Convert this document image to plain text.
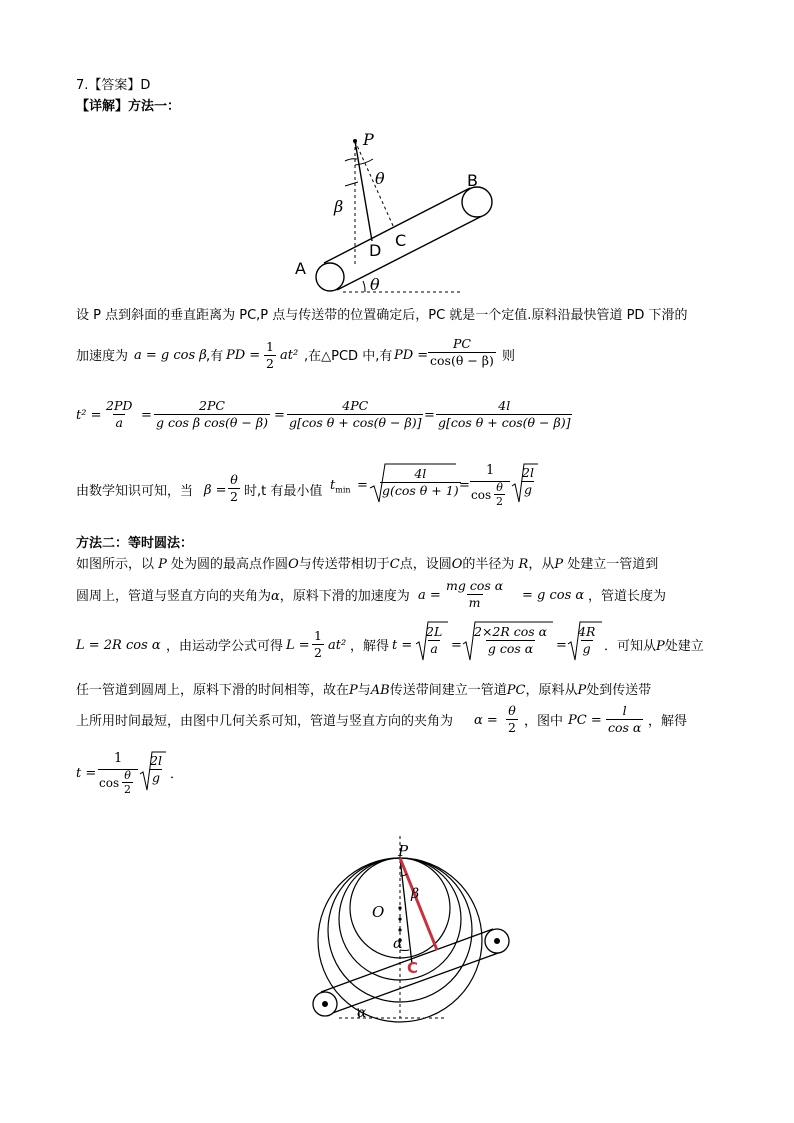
7.【答案】D
【详解】方法一：
P
B
A
C
D
θ
β
θ
设 P 点到斜面的垂直距离为 PC,P 点与传送带的位置确定后，PC 就是一个定值.原料沿最快管道 PD 下滑的
加速度为 a = g cos β ,有 PD = $\frac{1}{2} at^2$ ,在△PCD 中,有 PD = $\frac{PC}{\cos(\theta - \beta)}$ 则
$t^2 = \frac{2PD}{a} = \frac{2PC}{\text{g cos β cos(θ − β)}} = \frac{4PC}{\text{g[cos θ + cos(θ − β)]}} = \frac{4l}{\text{g[cos θ + cos(θ − β)]}}$
由数学知识可知，当 $\beta = \frac{\theta}{2}$ 时,t 有最小值 $t_{min} = \frac{4l}{\text{g(cos θ + 1)}}$
=
1
$\cos \frac{\theta}{2} \frac{2l}{g}$
方法二：等时圆法：
如图所示，以 P 处为圆的最高点作圆O与传送带相切于C点，设圆O的半径为 R，从P 处建立一管道到
圆周上，管道与竖直方向的夹角为α，原料下滑的加速度为 $a = \frac{\text{mg cos α}}{m} = g$ cos α ，管道长度为
L = 2R cos α ，由运动学公式可得 $L = \frac{1}{2} at^2$ ，解得 $t = \frac{2L}{a} = \frac{\text{2×2R cos α}}{\text{g cos α}} = \frac{4R}{g}$ ．可知从P处建立
任一管道到圆周上，原料下滑的时间相等，故在P与AB传送带间建立一管道PC，原料从P处到传送带
上所用时间最短，由图中几何关系可知，管道与竖直方向的夹角为 $\alpha = \frac{\theta}{2}$ ，图中 PC = $\frac{l}{\text{cos α}}$ ，解得
t =
1
$\cos \frac{\theta}{2} \frac{2l}{g}$ ．
P
O
β
α
C
α
